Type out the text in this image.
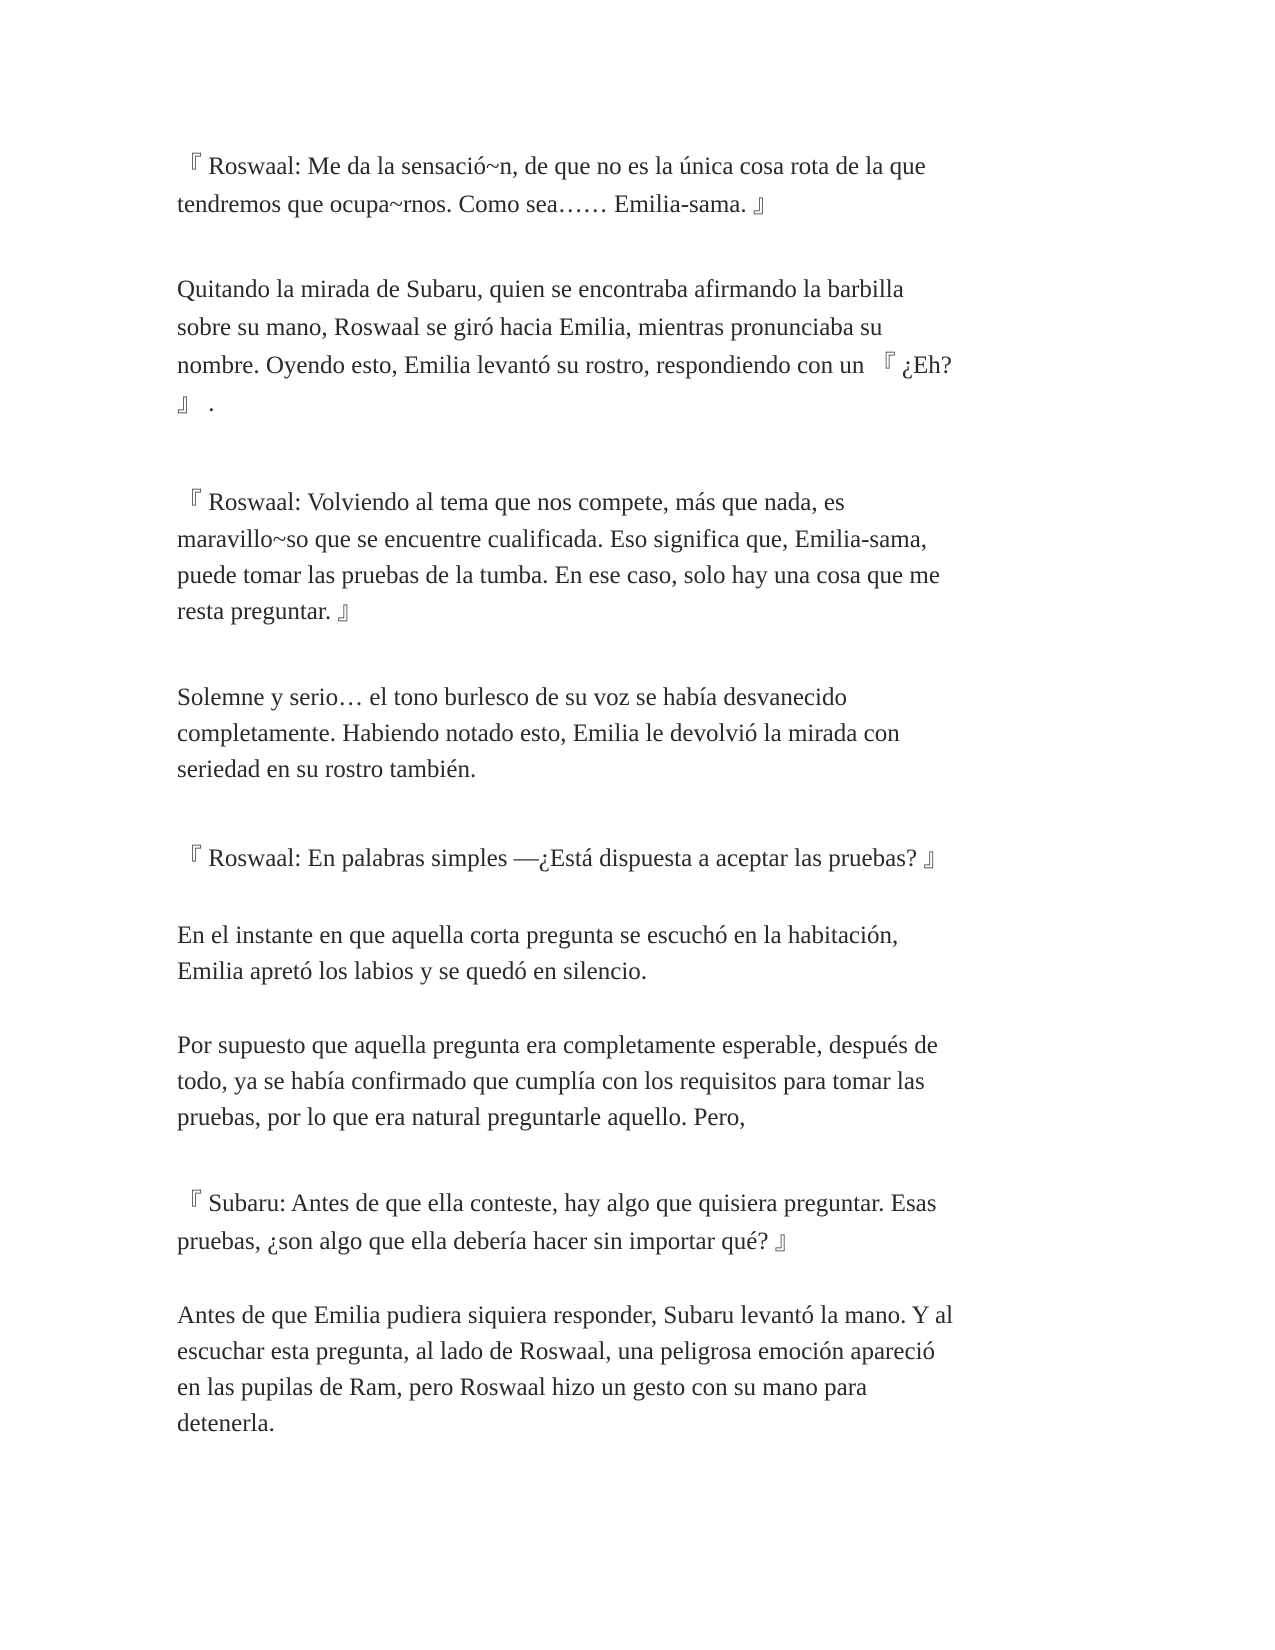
『 Roswaal: Me da la sensació~n, de que no es la única cosa rota de la que
tendremos que ocupa~rnos. Como sea…… Emilia-sama. 』

Quitando la mirada de Subaru, quien se encontraba afirmando la barbilla
sobre su mano, Roswaal se giró hacia Emilia, mientras pronunciaba su
nombre. Oyendo esto, Emilia levantó su rostro, respondiendo con un 『 ¿Eh?
』 .

『 Roswaal: Volviendo al tema que nos compete, más que nada, es
maravillo~so que se encuentre cualificada. Eso significa que, Emilia-sama,
puede tomar las pruebas de la tumba. En ese caso, solo hay una cosa que me
resta preguntar. 』

Solemne y serio… el tono burlesco de su voz se había desvanecido
completamente. Habiendo notado esto, Emilia le devolvió la mirada con
seriedad en su rostro también.

『 Roswaal: En palabras simples —¿Está dispuesta a aceptar las pruebas? 』

En el instante en que aquella corta pregunta se escuchó en la habitación,
Emilia apretó los labios y se quedó en silencio.

Por supuesto que aquella pregunta era completamente esperable, después de
todo, ya se había confirmado que cumplía con los requisitos para tomar las
pruebas, por lo que era natural preguntarle aquello. Pero,

『 Subaru: Antes de que ella conteste, hay algo que quisiera preguntar. Esas
pruebas, ¿son algo que ella debería hacer sin importar qué? 』

Antes de que Emilia pudiera siquiera responder, Subaru levantó la mano. Y al
escuchar esta pregunta, al lado de Roswaal, una peligrosa emoción apareció
en las pupilas de Ram, pero Roswaal hizo un gesto con su mano para
detenerla.
